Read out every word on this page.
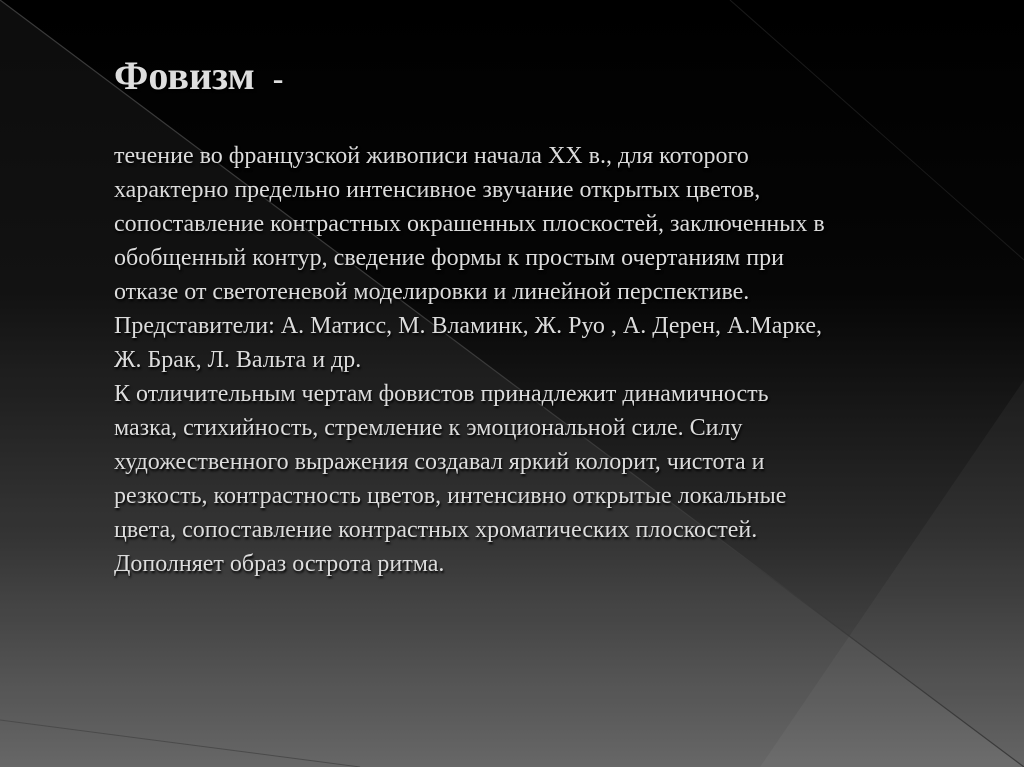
Фовизм -
течение во французской живописи начала XX в., для которого
характерно предельно интенсивное звучание открытых цветов,
сопоставление контрастных окрашенных плоскостей, заключенных в
обобщенный контур, сведение формы к простым очертаниям при
отказе от светотеневой моделировки и линейной перспективе.
Представители: А. Матисс, М. Вламинк, Ж. Руо , А. Дерен, А.Марке,
Ж. Брак, Л. Вальта и др.
К отличительным чертам фовистов принадлежит динамичность
мазка, стихийность, стремление к эмоциональной силе. Силу
художественного выражения создавал яркий колорит, чистота и
резкость, контрастность цветов, интенсивно открытые локальные
цвета, сопоставление контрастных хроматических плоскостей.
Дополняет образ острота ритма.
